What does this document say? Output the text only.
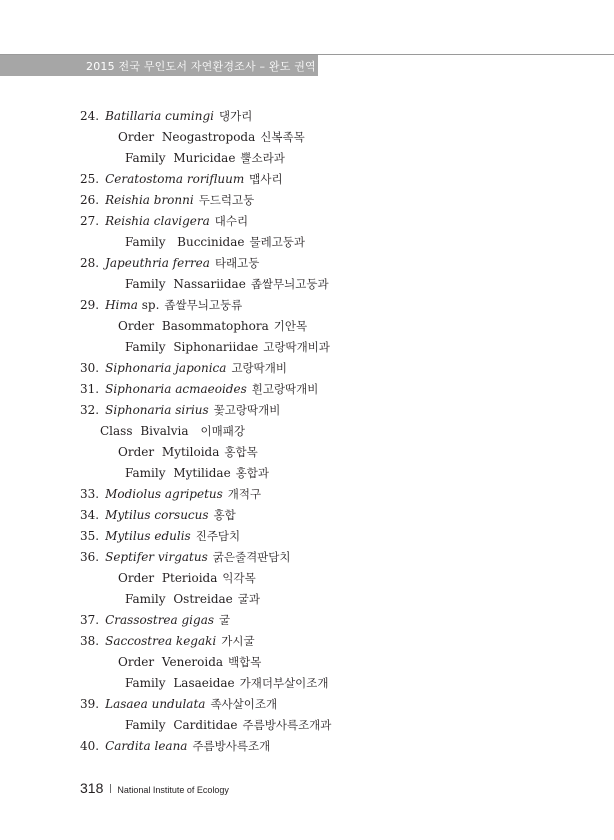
2015 전국 무인도서 자연환경조사 – 완도 권역
24. Batillaria cumingi 댕가리
Order Neogastropoda 신복족목
Family Muricidae 뿔소라과
25. Ceratostoma rorifluum 맵사리
26. Reishia bronni 두드럭고둥
27. Reishia clavigera 대수리
Family Buccinidae 물레고둥과
28. Japeuthria ferrea 타래고둥
Family Nassariidae 좁쌀무늬고둥과
29. Hima sp. 좁쌀무늬고둥류
Order Basommatophora 기안목
Family Siphonariidae 고랑딱개비과
30. Siphonaria japonica 고랑딱개비
31. Siphonaria acmaeoides 흰고랑딱개비
32. Siphonaria sirius 꽃고랑딱개비
Class Bivalvia 이매패강
Order Mytiloida 홍합목
Family Mytilidae 홍합과
33. Modiolus agripetus 개적구
34. Mytilus corsucus 홍합
35. Mytilus edulis 진주담치
36. Septifer virgatus 굵은줄격판담치
Order Pterioida 익각목
Family Ostreidae 굴과
37. Crassostrea gigas 굴
38. Saccostrea kegaki 가시굴
Order Veneroida 백합목
Family Lasaeidae 가재더부살이조개
39. Lasaea undulata 족사살이조개
Family Carditidae 주름방사륵조개과
40. Cardita leana 주름방사륵조개
318 National Institute of Ecology
